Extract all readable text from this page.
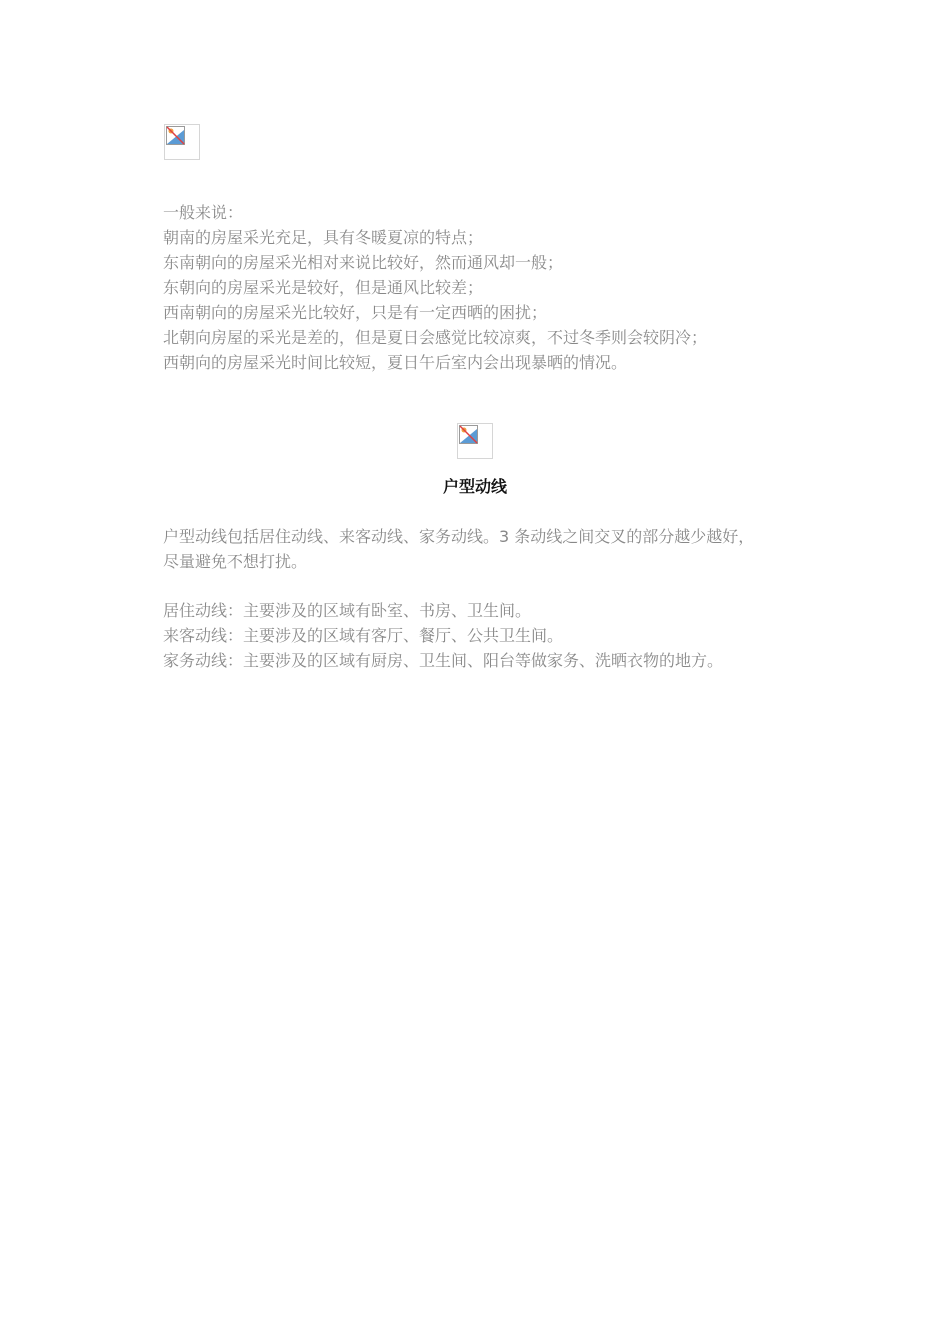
一般来说：
朝南的房屋采光充足，具有冬暖夏凉的特点；
东南朝向的房屋采光相对来说比较好，然而通风却一般；
东朝向的房屋采光是较好，但是通风比较差；
西南朝向的房屋采光比较好，只是有一定西晒的困扰；
北朝向房屋的采光是差的，但是夏日会感觉比较凉爽，不过冬季则会较阴冷；
西朝向的房屋采光时间比较短，夏日午后室内会出现暴晒的情况。
户型动线
户型动线包括居住动线、来客动线、家务动线。3 条动线之间交叉的部分越少越好，
尽量避免不想打扰。
居住动线：主要涉及的区域有卧室、书房、卫生间。
来客动线：主要涉及的区域有客厅、餐厅、公共卫生间。
家务动线：主要涉及的区域有厨房、卫生间、阳台等做家务、洗晒衣物的地方。
